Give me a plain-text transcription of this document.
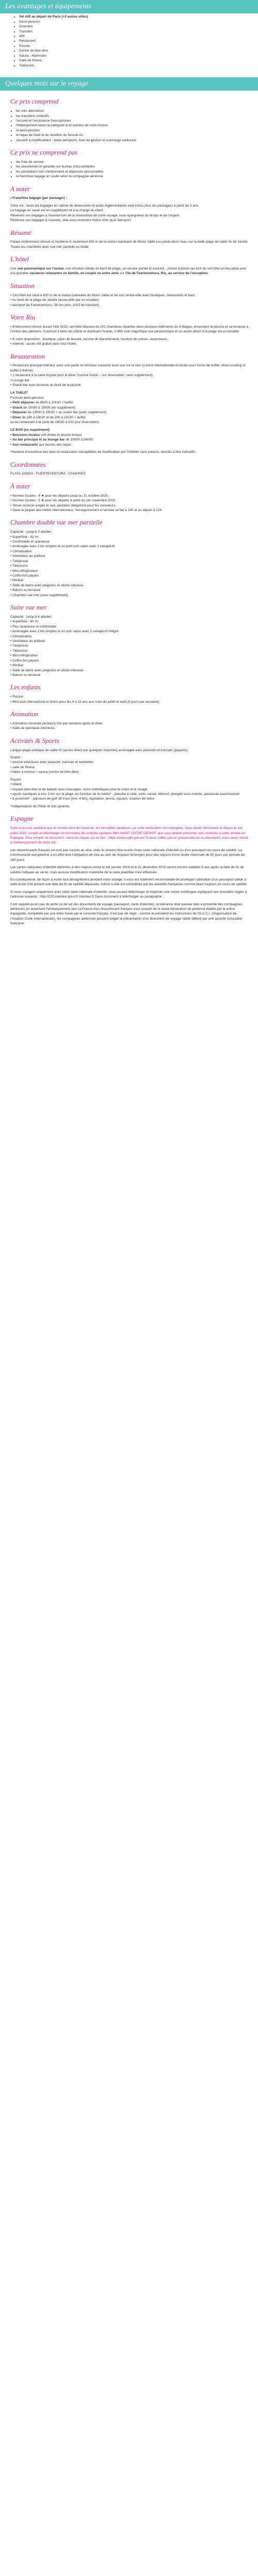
Les avantages et équipements
• Vol A/R au départ de Paris (+2 autres villes)
• Demi-pension
• Chambre
• Transfert
• Wifi
• Restaurant
• Piscine
• Centre de bien-être
• Sauna - Hammam
• Salle de fitness
• Télévision
Quelques mots sur le voyage
Ce prix comprend
• les vols aller/retour
• les transferts collectifs
• l'accueil et l'assistance francophones
• l'hébergement selon la catégorie et le nombre de nuits choisis
• la demi-pension
• le repas de Noël et du réveillon du Nouvel An
• souvent à modifications : taxes aéroports, frais de gestion et surcharge carburant
Ce prix ne comprend pas
• les frais de service
• les assurances et garantie sur bureau d'accueillantes
• les prestations non mentionnées et dépenses personnelles
• le franchise bagage en soute selon la compagnie aérienne
A noter

• Franchise bagage (par passager) :

Votre vol : seuls les bagages en cabine de dimensions et poids réglementaires sont inclus pour les passagers à partir de 2 ans.

Le bagage en soute est en supplément et à la charge du client.

Réservez vos bagages à l'avance lors de la réservation de votre voyage, vous épargnerez du temps et de l'argent.

Réservez vos bagages à l'avance, cela vous reviendra moins cher qu'à l'aéroport.

Résumé

Palace entièrement rénové et moderne À seulement 600 m de la station balnéaire de Morro Jable Les pieds dans l'eau, sur la belle plage de sable fin de Jandía Toutes les chambres avec vue mer partielle ou totale

L'hôtel

Une vue panoramique sur l'océan, une situation idéale en bord de plage, un service parfait et exclusif... Autant d'atouts qui font de cet hôtel un lieu idéal pour vos grandes vacances relaxantes en famille, en couple ou entre amis sur l'île de Fuerteventura. Riu, au service de l'exception.

Situation

• Cet hôtel est situé à 600 m de la station balnéaire de Morro Jable et de son centre-ville avec boutiques, restaurants et bars.

• Au bord de la plage de Jandía (accessible par un escalier).

• Aéroport de Fuerteventura : 90 km (env. 1h15 de transfert).

Votre Riu

• Entièrement rénové durant l'été 2020, cet hôtel dispose de 201 chambres réparties dans plusieurs bâtiments de 3 étages, encerclant la piscine et sa terrasse à l'ombre des palmiers. Construit à flanc de colline et dominant l'océan, il offre une magnifique vue panoramique et un accès direct à la plage via un escalier.

• À votre disposition : boutique, salon de beauté, service de blanchisserie, location de voiture, ascenseurs.

• Internet : accès wifi gratuit dans tout l'hôtel.

Restauration

• Restaurant principal intérieur avec une partie en terrasse couverte avec vue sur la mer (cuisine internationale et locale sous forme de buffet, show-cooking et buffet à thème).

• 1 restaurant à la carte Krystal pour le dîner (cuisine fusion – sur réservation, sans supplément).

• Lounge bar

• Snack-bar avec terrasse au bord de la piscine

LA TABLE*

Formule demi-pension

• Petit déjeuner de 8h00 à 10h30 + buffet

• Snack de 10h30 à 15h30 (en supplément)

• Déjeuner de 13h00 à 15h30 + au snack bar (avec supplément)

• Dîner de 18h à 19h30 et de 20h à 21h30 + buffet

ou au restaurant à la carte de 18h30 à 22h (sur réservation)

LE BAR (en supplément)

• Boissons locales soft drinks et alcools locaux

• Au bar principal et au lounge bar de 10h00 à 24h00

• Aux restaurants aux heures des repas

*Horaires d'ouverture des bars et restaurants susceptibles de modification par l'hôtelier sans préavis, donnés à titre indicatifs.

Coordonnées

PLAYA JANDIA - FUERTEVENTURA - CANARIES

À noter

• Normes locales : 4 ★ pour les départs jusqu'au 31 octobre 2020.

• Normes locales : 5 ★ pour les départs à partir du 1er novembre 2020.

• Tenue correcte exigée le soir, pantalon obligatoire pour les messieurs.

• Dans la plupart des hôtels internationaux, l'enregistrement à l'arrivée se fait à 14h et au départ à 12h.

Chambre double vue mer partielle

Capacité : jusqu'à 3 adultes

• Superficie : 42 m²

• Confortable et spacieuse

• Aménagée avec 2 lits simples et un petit coin salon avec 1 canapé-lit

• Climatisation

• Ventilateur au plafond

• Téléphone

• Télévision

• Mini-réfrigérateur

• Coffre-fort payant

• Minibar

• Salle de bains avec peignoirs et sèche-cheveux

• Balcon ou terrasse

• Chambre vue mer (avec supplément)

Suite vue mer

Capacité : jusqu'à 4 adultes

• Superficie : 60 m²

• Plus spacieuse et confortable

• Aménagée avec 2 lits simples et un coin salon avec 1 canapé-lit intégré

• Climatisation

• Ventilateur au plafond

• Téléphone

• Télévision

• Mini-réfrigérateur

• Coffre-fort payant

• Minibar

• Salle de bains avec peignoirs et sèche-cheveux

• Balcon ou terrasse

Les enfants

• Piscine

• Mini-club international et loisirs pour les 4 à 12 ans aux mois de juillet et août (6 jours par semaine)

Animation

• Animation musicale plusieurs fois par semaine après le dîner.

• Salle de spectacle intérieure.

Activités & Sports

Langue plage publique de sable fin (accès direct par quelques marches) aménagée avec parasols et transats (payants).

Gratuit :

• piscine extérieure avec parasols, transats et serviettes

• salle de fitness

• bains à remous • sauna (centre de bien-être)

Payant :

• billard

• espace bien-être et de beauté avec massages, soins esthétiques pour le corps et le visage

• sports nautiques à env. 2 km sur la plage, en fonction de la météo* : planche à voile, voile, canoë, kitesurf, plongée sous-marine, parachute ascensionnel

• à proximité* : parcours de golf 18 trous (env. 4 km), équitation, tennis, squash, location de vélos

*Indépendants de l'hôtel et non garantis.

Espagne

Suite à la crise sanitaire que le monde vient de traverser, les formalités sanitaires sur votre destination ont changées. Vous devez désormais et depuis le 1er juillet 2020, remplir et télécharger un formulaire de contrôle sanitaire 48H AVANT VOTRE DÉPART que vous devrez présenter aux contrôles à votre arrivée en Espagne. Pour remplir ce document, merci de cliquer sur ce lien : https://www.spth.gob.es/ Si vous n'êtes pas en possession de ce document, vous serez refusé à l'embarquement de votre vol.

Les ressortissants français ne sont pas soumis au visa, mais ils doivent être munis d'une carte nationale d'identité ou d'un passeport en cours de validité. La Communauté européenne a en effet levé l'obligation de visa au sein de l'espace Schengen pour des séjours d'une durée maximale de 90 jours par période de 180 jours.

Les cartes nationales d'identité délivrées à des majeurs entre le 1er janvier 2004 et le 31 décembre 2013 seront encore valables 5 ans après la date de fin de validité indiquée au verso, mais aucune modification matérielle de la carte plastifiée n'est effectuée.

En conséquence, de façon à éviter tout désagrément pendant votre voyage, il vous est fortement recommandé de privilégier l'utilisation d'un passeport valide à celle d'une CNI portant une date de fin de validité dépassée, même si elle est considérée par les autorités françaises comme étant toujours en cours de validité.

Si vous voyagez uniquement avec votre carte nationale d'identité, vous pouvez télécharger et imprimer une notice multilingue expliquant ces nouvelles règles à l'adresse suivante : http://CIO.interieur.gouv.fr Interieur.fr Dans document à télécharger au paragraphe ;

Il est rappelé qu'en cas de perte ou de vol des documents de voyage (passeport, carte d'identité), la tolérance était passée faite à proximité des compagnies aériennes en autorisant l'embarquement vers la France d'un ressortissant français sous couvert de la seule déclaration de perte/vol établie par la police espagnole, complétée par une lettre faxée par le consulat français, n'est pas de règle ; comme le prévalent les instructions de l'O.A.C.I. (Organisation de l'Aviation Civile Internationale), les compagnies aériennes peuvent exiger la présentation d'un document de voyage valide délivré par une autorité consulaire française.
